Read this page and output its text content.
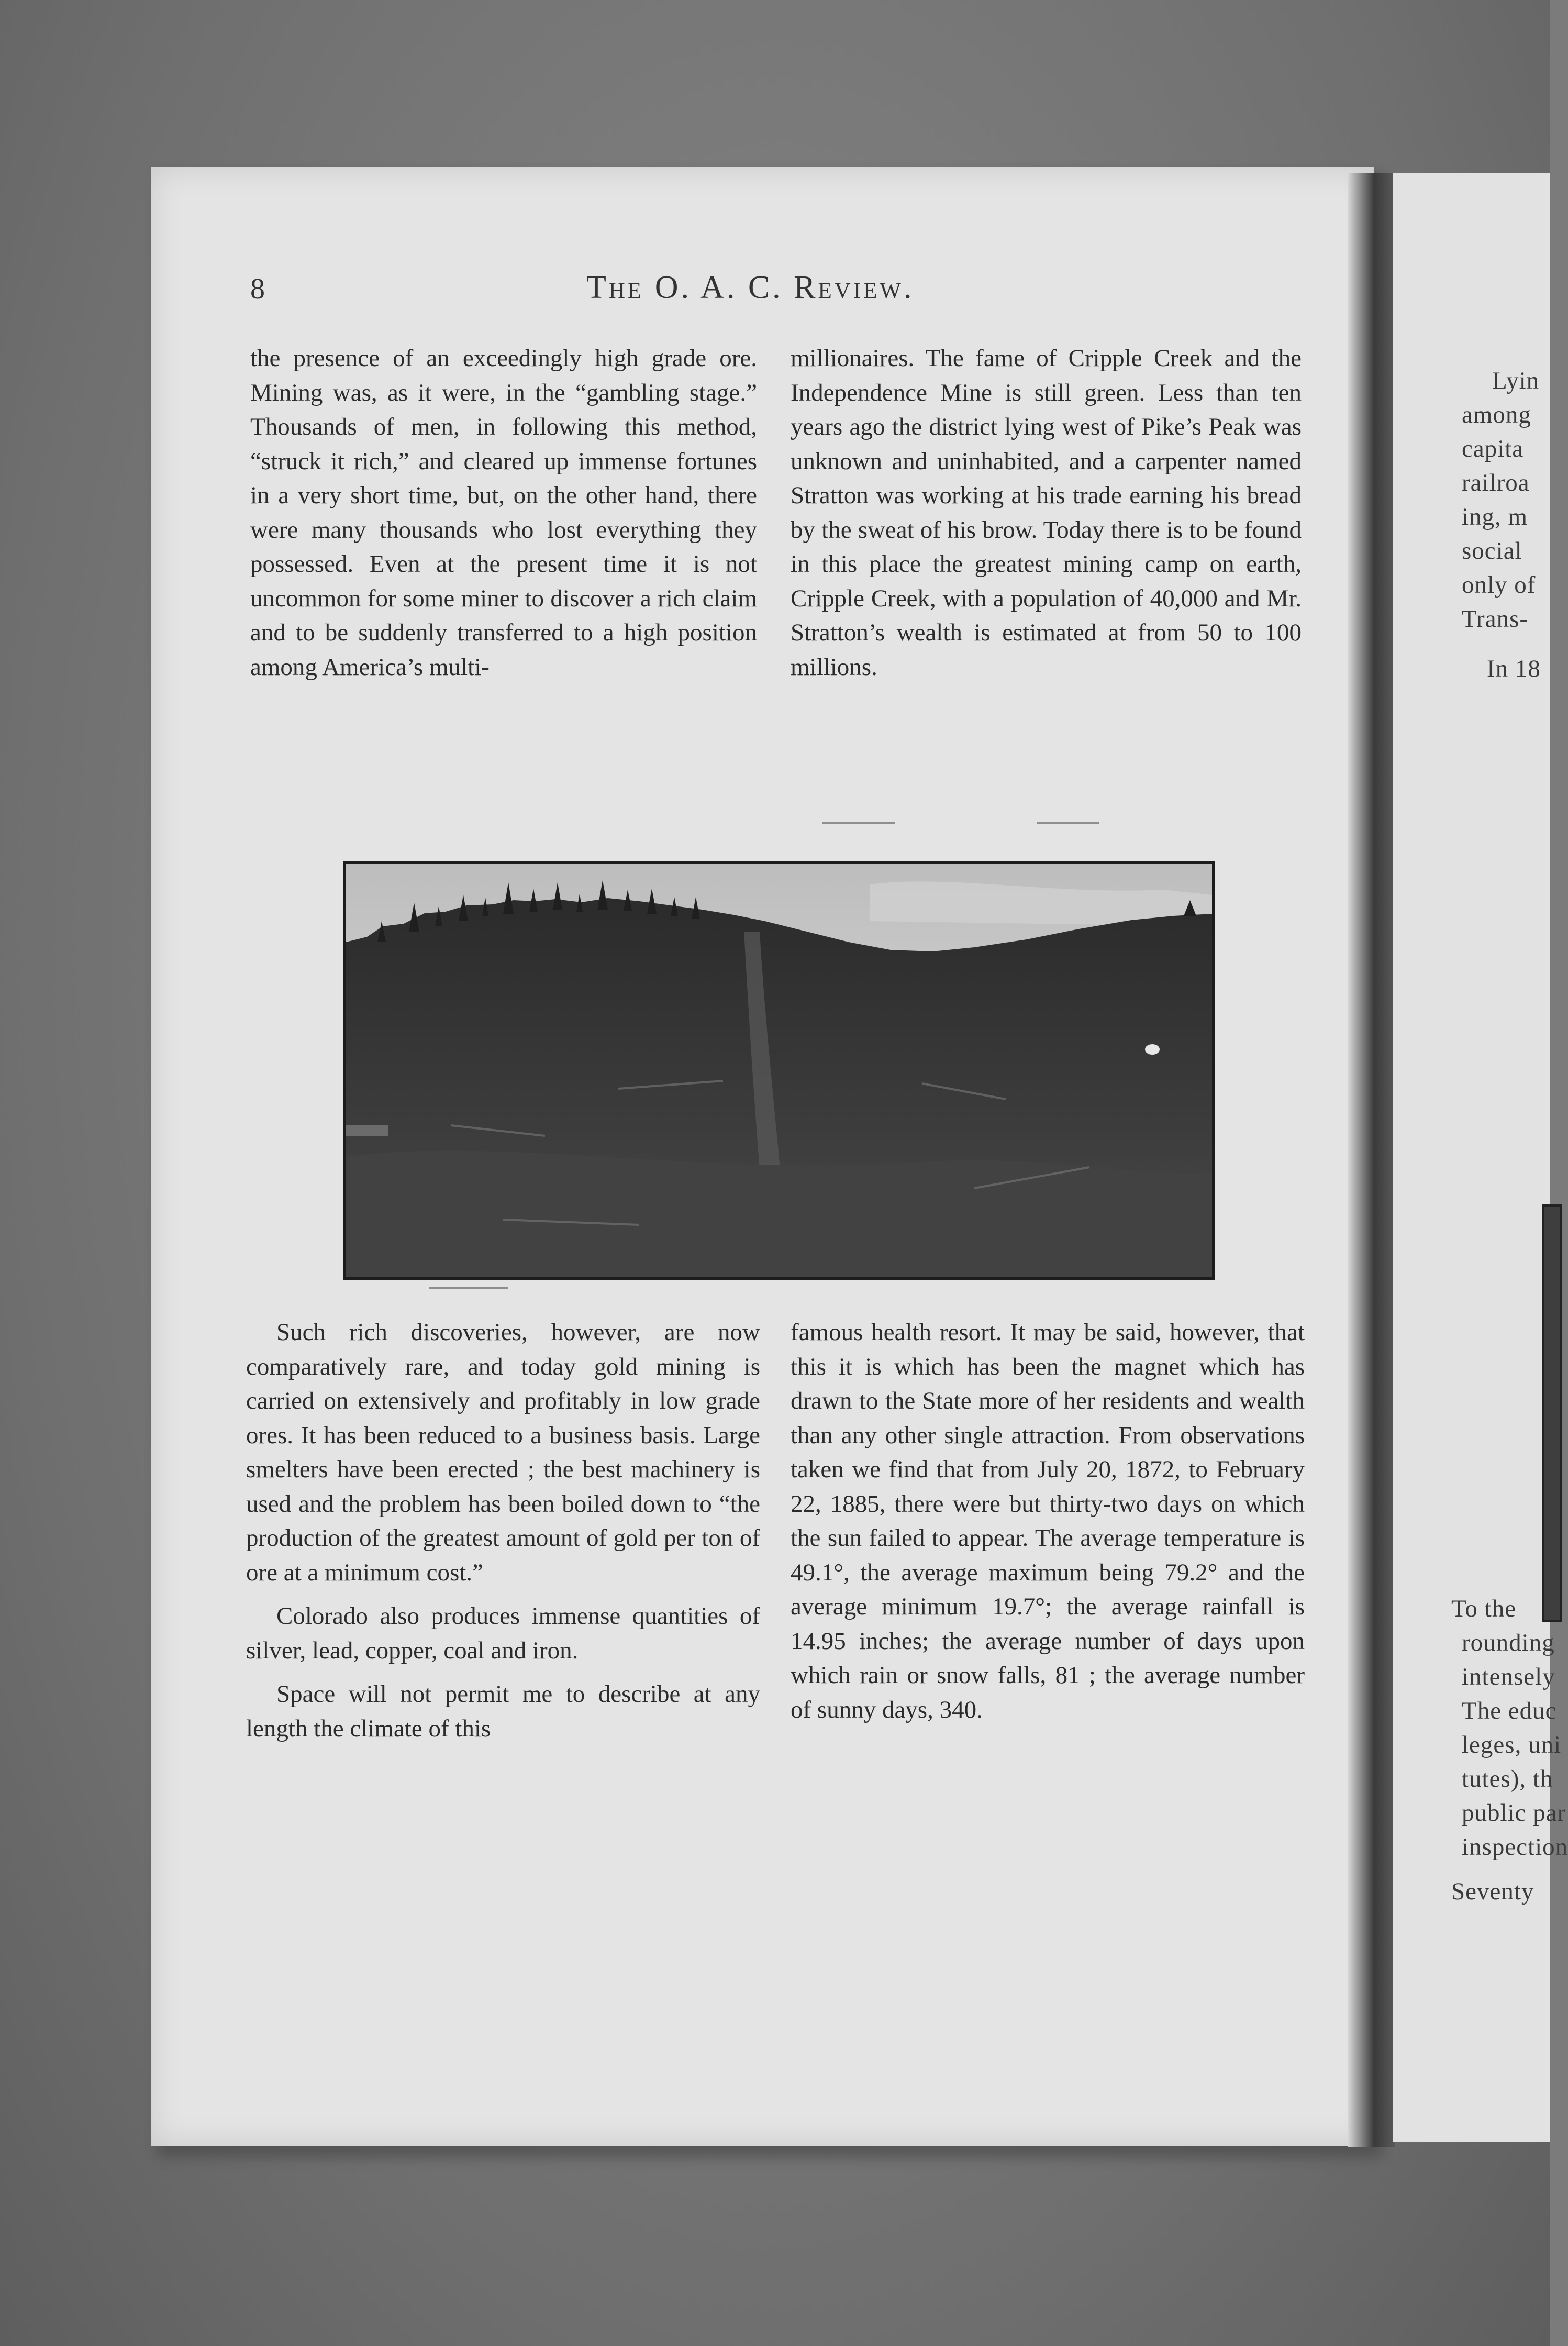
Lyin
among
capita
railroa
ing, m
social
only of
Trans-
In 18
To the
rounding
intensely
The educ
leges, uni
tutes), th
public par
inspection
Seventy
8	The O. A. C. Review.

the presence of an exceedingly high grade ore. Mining was, as it were, in the “gambling stage.” Thousands of men, in following this method, “struck it rich,” and cleared up immense fortunes in a very short time, but, on the other hand, there were many thousands who lost everything they possessed. Even at the present time it is not uncommon for some miner to discover a rich claim and to be suddenly transferred to a high position among America’s multi-

millionaires. The fame of Cripple Creek and the Independence Mine is still green. Less than ten years ago the district lying west of Pike’s Peak was unknown and uninhabited, and a carpenter named Stratton was working at his trade earning his bread by the sweat of his brow. Today there is to be found in this place the greatest mining camp on earth, Cripple Creek, with a population of 40,000 and Mr. Stratton’s wealth is estimated at from 50 to 100 millions.

Such rich discoveries, however, are now comparatively rare, and today gold mining is carried on extensively and profitably in low grade ores. It has been reduced to a business basis. Large smelters have been erected ; the best machinery is used and the problem has been boiled down to “the production of the greatest amount of gold per ton of ore at a minimum cost.”

Colorado also produces immense quantities of silver, lead, copper, coal and iron.

Space will not permit me to describe at any length the climate of this

famous health resort. It may be said, however, that this it is which has been the magnet which has drawn to the State more of her residents and wealth than any other single attraction. From observations taken we find that from July 20, 1872, to February 22, 1885, there were but thirty-two days on which the sun failed to appear. The average temperature is 49.1°, the average maximum being 79.2° and the average minimum 19.7°; the average rainfall is 14.95 inches; the average number of days upon which rain or snow falls, 81 ; the average number of sunny days, 340.
